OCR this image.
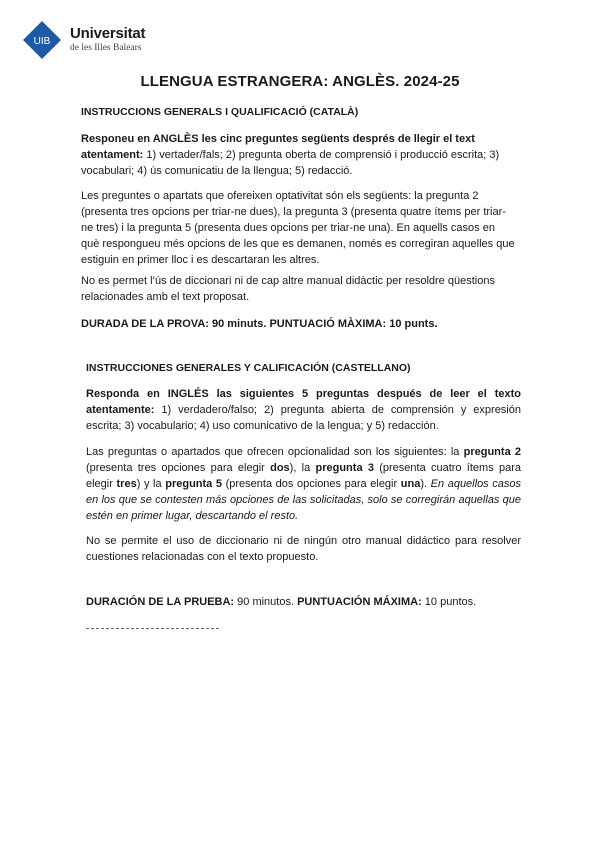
UIB Universitat
de les Illes Balears
LLENGUA ESTRANGERA: ANGLÈS. 2024-25
INSTRUCCIONS GENERALS I QUALIFICACIÓ (CATALÀ)

Responeu en ANGLÈS les cinc preguntes següents després de llegir el text atentament: 1) vertader/fals; 2) pregunta oberta de comprensió i producció escrita; 3) vocabulari; 4) ús comunicatiu de la llengua; 5) redacció.

Les preguntes o apartats que ofereixen optativitat són els següents: la pregunta 2 (presenta tres opcions per triar-ne dues), la pregunta 3 (presenta quatre ítems per triar-ne tres) i la pregunta 5 (presenta dues opcions per triar-ne una). En aquells casos en què respongueu més opcions de les que es demanen, només es corregiran aquelles que estiguin en primer lloc i es descartaran les altres.

No es permet l’ús de diccionari ni de cap altre manual didàctic per resoldre qüestions relacionades amb el text proposat.

DURADA DE LA PROVA: 90 minuts. PUNTUACIÓ MÀXIMA: 10 punts.

INSTRUCCIONES GENERALES Y CALIFICACIÓN (CASTELLANO)

Responda en INGLÉS las siguientes 5 preguntas después de leer el texto atentamente: 1) verdadero/falso; 2) pregunta abierta de comprensión y expresión escrita; 3) vocabulario; 4) uso comunicativo de la lengua; y 5) redacción.

Las preguntas o apartados que ofrecen opcionalidad son los siguientes: la pregunta 2 (presenta tres opciones para elegir dos), la pregunta 3 (presenta cuatro ítems para elegir tres) y la pregunta 5 (presenta dos opciones para elegir una). En aquellos casos en los que se contesten más opciones de las solicitadas, solo se corregirán aquellas que estén en primer lugar, descartando el resto.

No se permite el uso de diccionario ni de ningún otro manual didáctico para resolver cuestiones relacionadas con el texto propuesto.

DURACIÓN DE LA PRUEBA: 90 minutos. PUNTUACIÓN MÁXIMA: 10 puntos.
